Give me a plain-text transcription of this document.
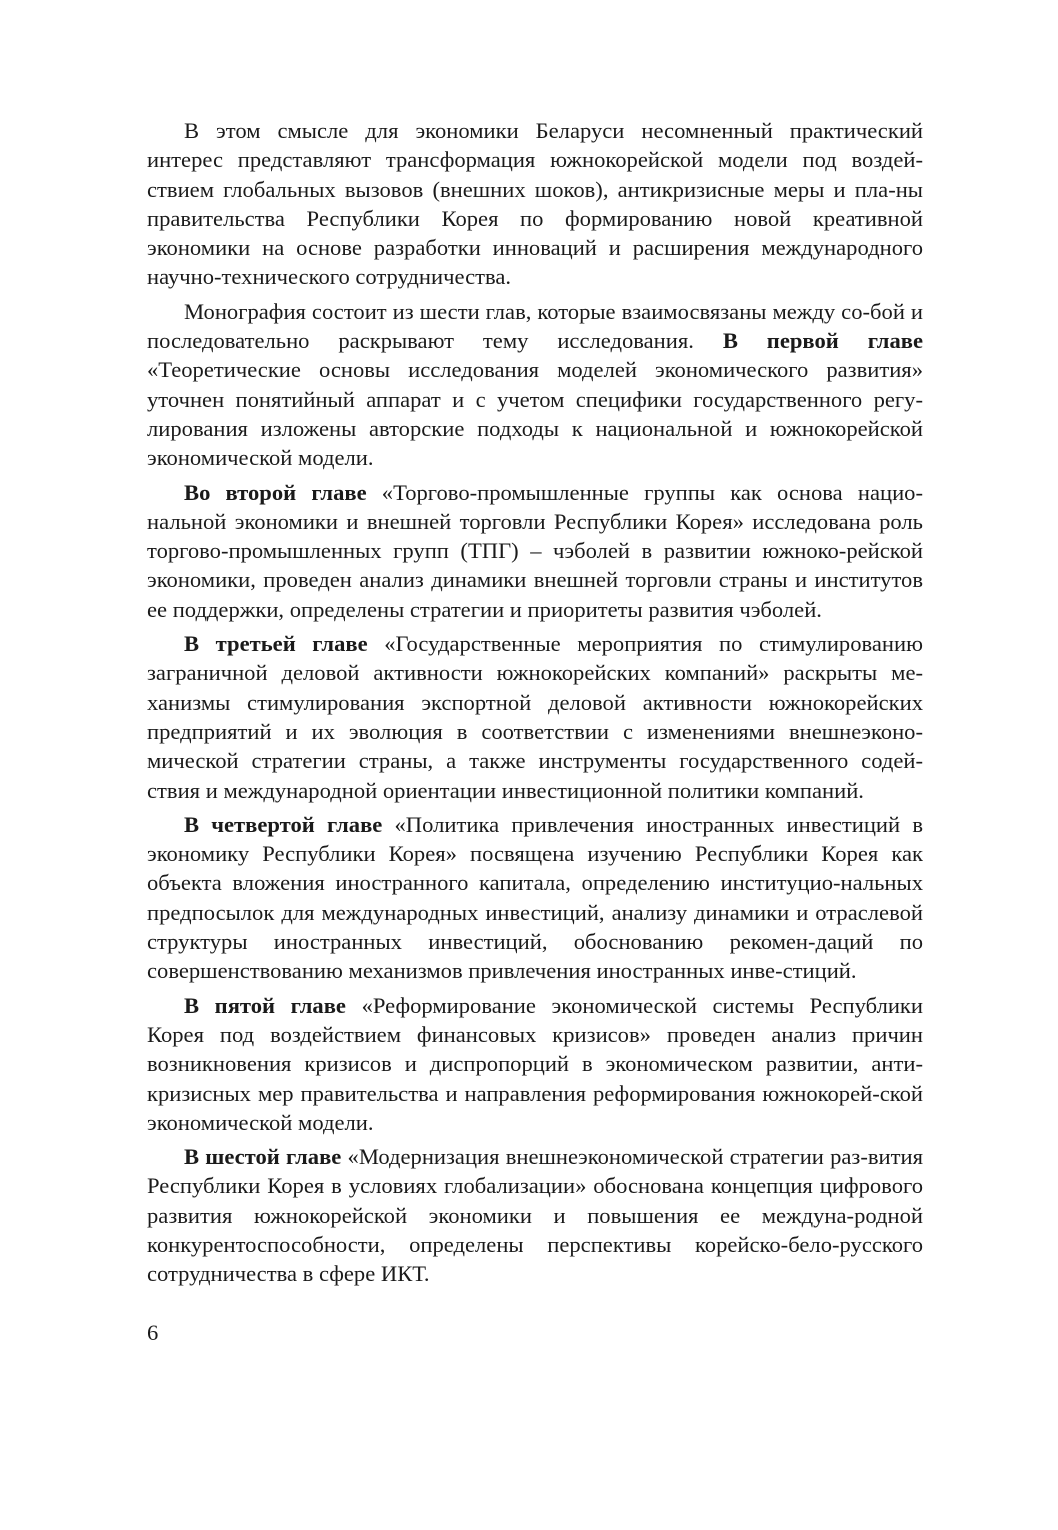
В этом смысле для экономики Беларуси несомненный практический интерес представляют трансформация южнокорейской модели под воздей-ствием глобальных вызовов (внешних шоков), антикризисные меры и пла-ны правительства Республики Корея по формированию новой креативной экономики на основе разработки инноваций и расширения международного научно-технического сотрудничества.

Монография состоит из шести глав, которые взаимосвязаны между со-бой и последовательно раскрывают тему исследования. В первой главе «Теоретические основы исследования моделей экономического развития» уточнен понятийный аппарат и с учетом специфики государственного регу-лирования изложены авторские подходы к национальной и южнокорейской экономической модели.

Во второй главе «Торгово-промышленные группы как основа нацио-нальной экономики и внешней торговли Республики Корея» исследована роль торгово-промышленных групп (ТПГ) – чэболей в развитии южноко-рейской экономики, проведен анализ динамики внешней торговли страны и институтов ее поддержки, определены стратегии и приоритеты развития чэболей.

В третьей главе «Государственные мероприятия по стимулированию заграничной деловой активности южнокорейских компаний» раскрыты ме-ханизмы стимулирования экспортной деловой активности южнокорейских предприятий и их эволюция в соответствии с изменениями внешнеэконо-мической стратегии страны, а также инструменты государственного содей-ствия и международной ориентации инвестиционной политики компаний.

В четвертой главе «Политика привлечения иностранных инвестиций в экономику Республики Корея» посвящена изучению Республики Корея как объекта вложения иностранного капитала, определению институцио-нальных предпосылок для международных инвестиций, анализу динамики и отраслевой структуры иностранных инвестиций, обоснованию рекомен-даций по совершенствованию механизмов привлечения иностранных инве-стиций.

В пятой главе «Реформирование экономической системы Республики Корея под воздействием финансовых кризисов» проведен анализ причин возникновения кризисов и диспропорций в экономическом развитии, анти-кризисных мер правительства и направления реформирования южнокорей-ской экономической модели.

В шестой главе «Модернизация внешнеэкономической стратегии раз-вития Республики Корея в условиях глобализации» обоснована концепция цифрового развития южнокорейской экономики и повышения ее междуна-родной конкурентоспособности, определены перспективы корейско-бело-русского сотрудничества в сфере ИКТ.

6
